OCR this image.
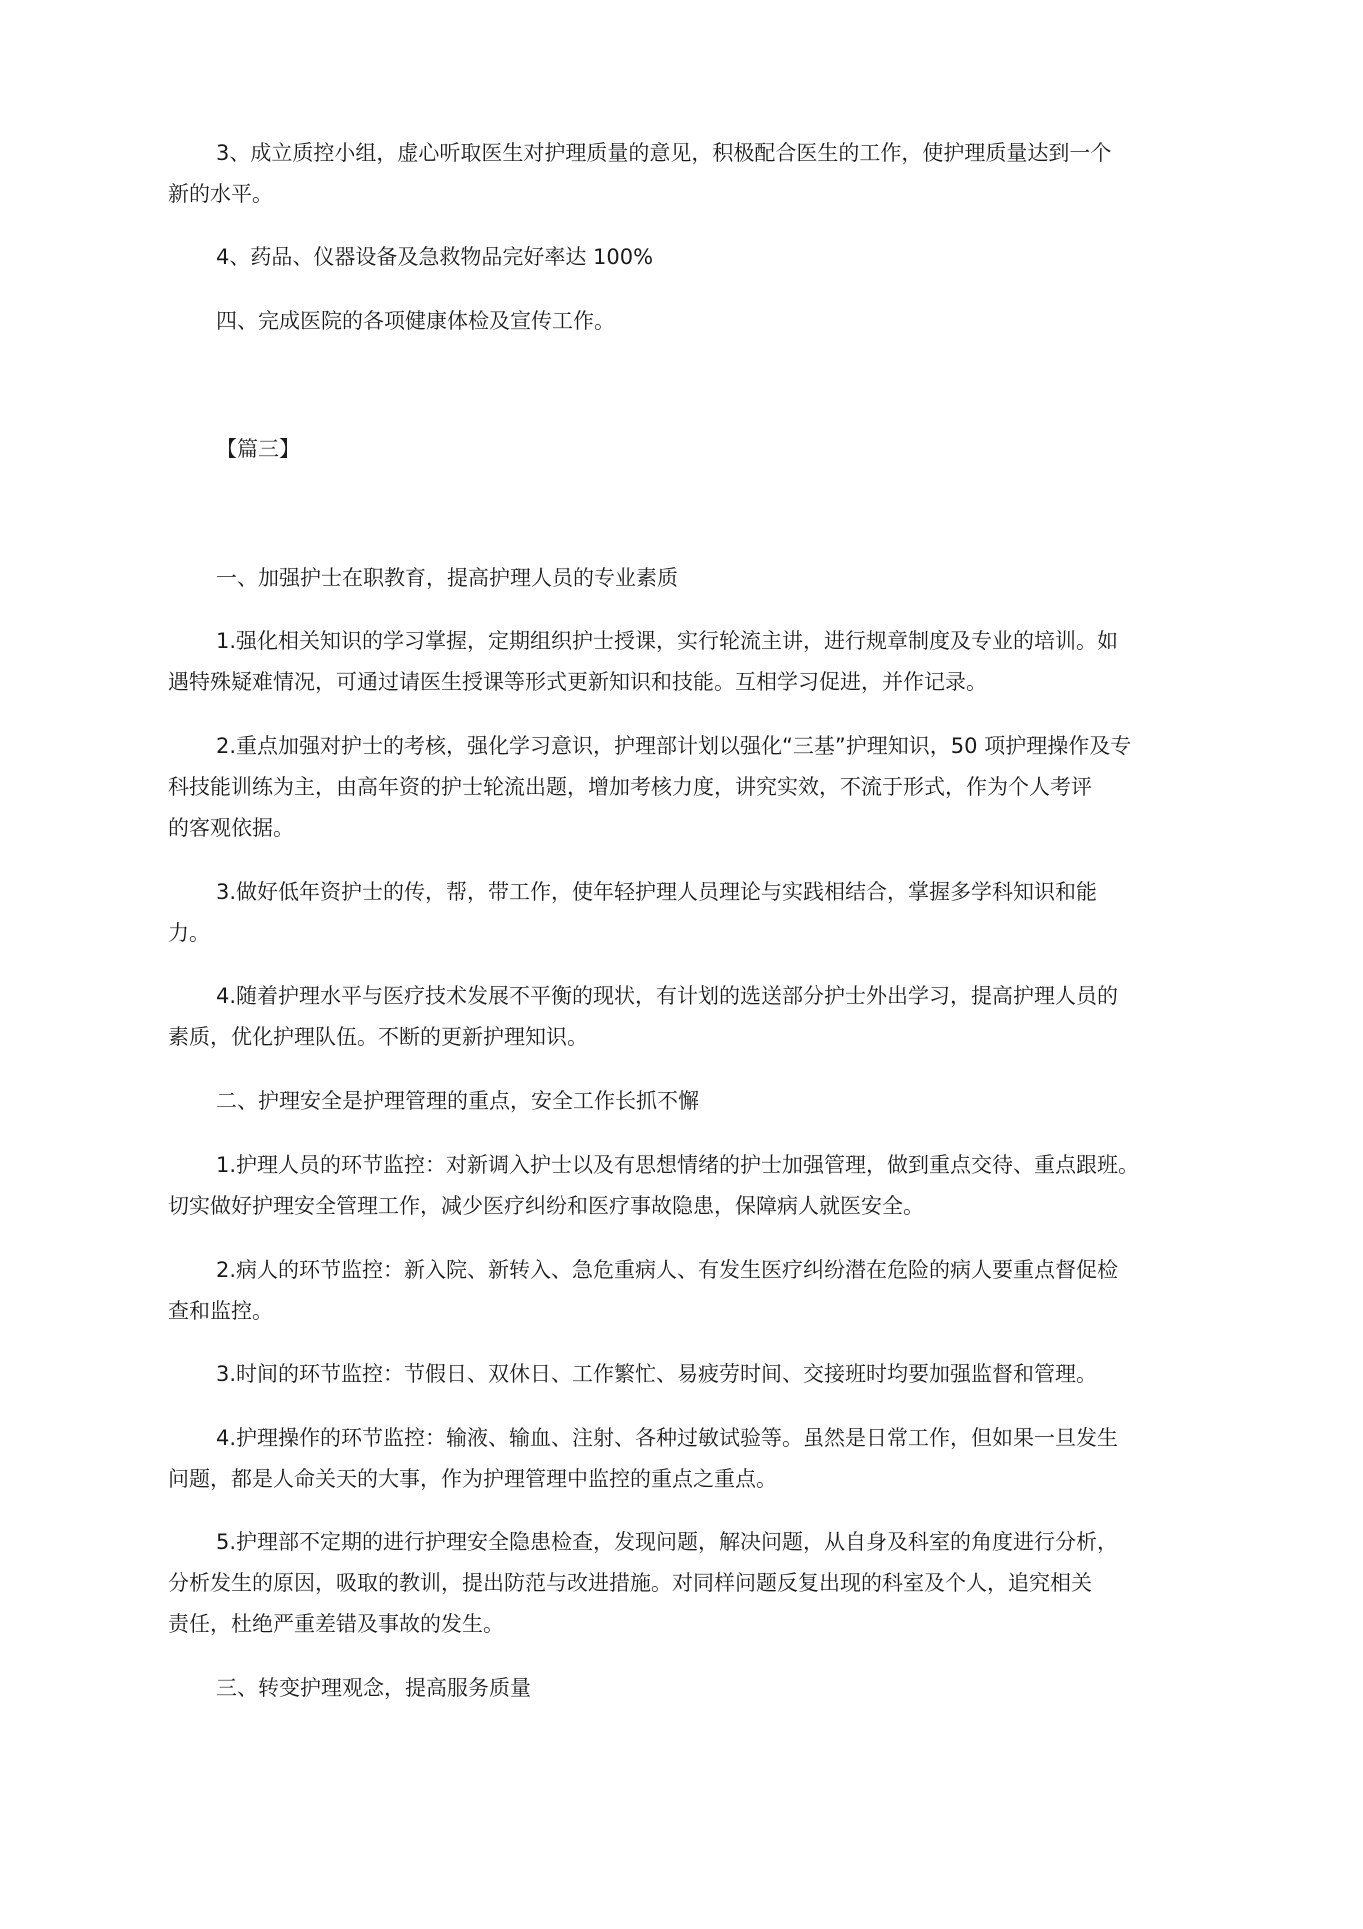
3、成立质控小组，虚心听取医生对护理质量的意见，积极配合医生的工作，使护理质量达到一个
新的水平。
4、药品、仪器设备及急救物品完好率达 100%
四、完成医院的各项健康体检及宣传工作。
【篇三】
一、加强护士在职教育，提高护理人员的专业素质
1.强化相关知识的学习掌握，定期组织护士授课，实行轮流主讲，进行规章制度及专业的培训。如
遇特殊疑难情况，可通过请医生授课等形式更新知识和技能。互相学习促进，并作记录。
2.重点加强对护士的考核，强化学习意识，护理部计划以强化“三基”护理知识，50 项护理操作及专
科技能训练为主，由高年资的护士轮流出题，增加考核力度，讲究实效，不流于形式，作为个人考评
的客观依据。
3.做好低年资护士的传，帮，带工作，使年轻护理人员理论与实践相结合，掌握多学科知识和能
力。
4.随着护理水平与医疗技术发展不平衡的现状，有计划的选送部分护士外出学习，提高护理人员的
素质，优化护理队伍。不断的更新护理知识。
二、护理安全是护理管理的重点，安全工作长抓不懈
1.护理人员的环节监控：对新调入护士以及有思想情绪的护士加强管理，做到重点交待、重点跟班。
切实做好护理安全管理工作，减少医疗纠纷和医疗事故隐患，保障病人就医安全。
2.病人的环节监控：新入院、新转入、急危重病人、有发生医疗纠纷潜在危险的病人要重点督促检
查和监控。
3.时间的环节监控：节假日、双休日、工作繁忙、易疲劳时间、交接班时均要加强监督和管理。
4.护理操作的环节监控：输液、输血、注射、各种过敏试验等。虽然是日常工作，但如果一旦发生
问题，都是人命关天的大事，作为护理管理中监控的重点之重点。
5.护理部不定期的进行护理安全隐患检查，发现问题，解决问题，从自身及科室的角度进行分析，
分析发生的原因，吸取的教训，提出防范与改进措施。对同样问题反复出现的科室及个人，追究相关
责任，杜绝严重差错及事故的发生。
三、转变护理观念，提高服务质量
